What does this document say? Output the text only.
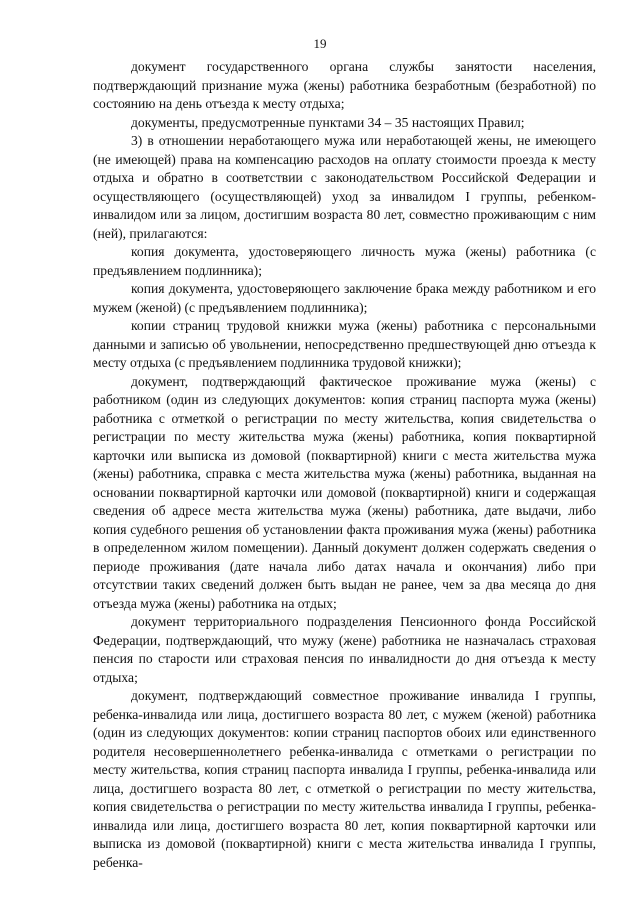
19

документ государственного органа службы занятости населения, подтверждающий признание мужа (жены) работника безработным (безработной) по состоянию на день отъезда к месту отдыха;

документы, предусмотренные пунктами 34 – 35 настоящих Правил;

3) в отношении неработающего мужа или неработающей жены, не имеющего (не имеющей) права на компенсацию расходов на оплату стоимости проезда к месту отдыха и обратно в соответствии с законодательством Российской Федерации и осуществляющего (осуществляющей) уход за инвалидом I группы, ребенком-инвалидом или за лицом, достигшим возраста 80 лет, совместно проживающим с ним (ней), прилагаются:

копия документа, удостоверяющего личность мужа (жены) работника (с предъявлением подлинника);

копия документа, удостоверяющего заключение брака между работником и его мужем (женой) (с предъявлением подлинника);

копии страниц трудовой книжки мужа (жены) работника с персональными данными и записью об увольнении, непосредственно предшествующей дню отъезда к месту отдыха (с предъявлением подлинника трудовой книжки);

документ, подтверждающий фактическое проживание мужа (жены) с работником (один из следующих документов: копия страниц паспорта мужа (жены) работника с отметкой о регистрации по месту жительства, копия свидетельства о регистрации по месту жительства мужа (жены) работника, копия поквартирной карточки или выписка из домовой (поквартирной) книги с места жительства мужа (жены) работника, справка с места жительства мужа (жены) работника, выданная на основании поквартирной карточки или домовой (поквартирной) книги и содержащая сведения об адресе места жительства мужа (жены) работника, дате выдачи, либо копия судебного решения об установлении факта проживания мужа (жены) работника в определенном жилом помещении). Данный документ должен содержать сведения о периоде проживания (дате начала либо датах начала и окончания) либо при отсутствии таких сведений должен быть выдан не ранее, чем за два месяца до дня отъезда мужа (жены) работника на отдых;

документ территориального подразделения Пенсионного фонда Российской Федерации, подтверждающий, что мужу (жене) работника не назначалась страховая пенсия по старости или страховая пенсия по инвалидности до дня отъезда к месту отдыха;

документ, подтверждающий совместное проживание инвалида I группы, ребенка-инвалида или лица, достигшего возраста 80 лет, с мужем (женой) работника (один из следующих документов: копии страниц паспортов обоих или единственного родителя несовершеннолетнего ребенка-инвалида с отметками о регистрации по месту жительства, копия страниц паспорта инвалида I группы, ребенка-инвалида или лица, достигшего возраста 80 лет, с отметкой о регистрации по месту жительства, копия свидетельства о регистрации по месту жительства инвалида I группы, ребенка-инвалида или лица, достигшего возраста 80 лет, копия поквартирной карточки или выписка из домовой (поквартирной) книги с места жительства инвалида I группы, ребенка-
